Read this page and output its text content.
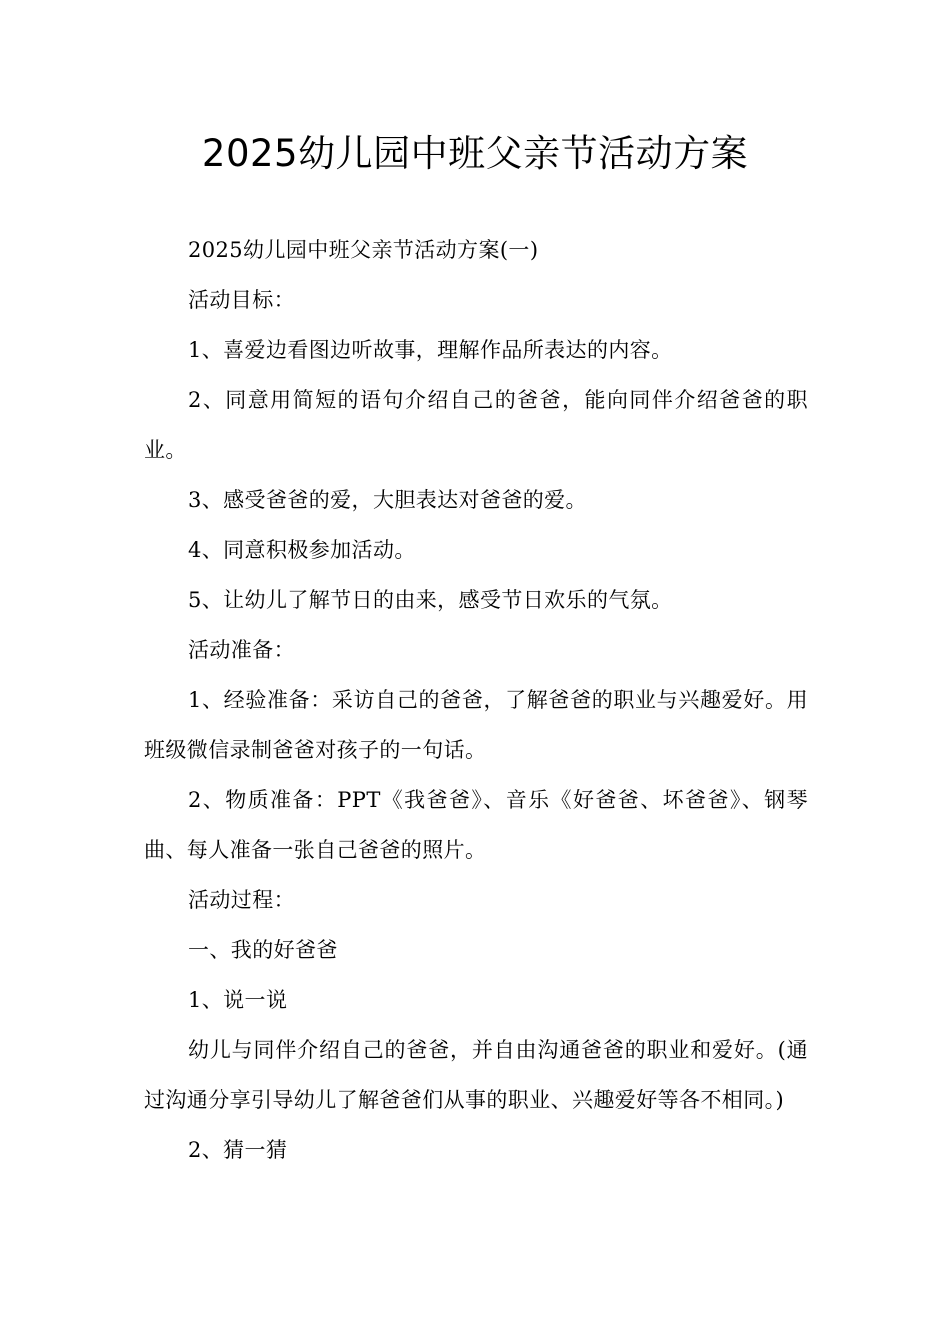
2025幼儿园中班父亲节活动方案

2025幼儿园中班父亲节活动方案(一)

活动目标：

1、喜爱边看图边听故事，理解作品所表达的内容。

2、同意用简短的语句介绍自己的爸爸，能向同伴介绍爸爸的职业。

3、感受爸爸的爱，大胆表达对爸爸的爱。

4、同意积极参加活动。

5、让幼儿了解节日的由来，感受节日欢乐的气氛。

活动准备：

1、经验准备：采访自己的爸爸，了解爸爸的职业与兴趣爱好。用班级微信录制爸爸对孩子的一句话。

2、物质准备：PPT《我爸爸》、音乐《好爸爸、坏爸爸》、钢琴曲、每人准备一张自己爸爸的照片。

活动过程：

一、我的好爸爸

1、说一说

幼儿与同伴介绍自己的爸爸，并自由沟通爸爸的职业和爱好。(通过沟通分享引导幼儿了解爸爸们从事的职业、兴趣爱好等各不相同。)

2、猜一猜
